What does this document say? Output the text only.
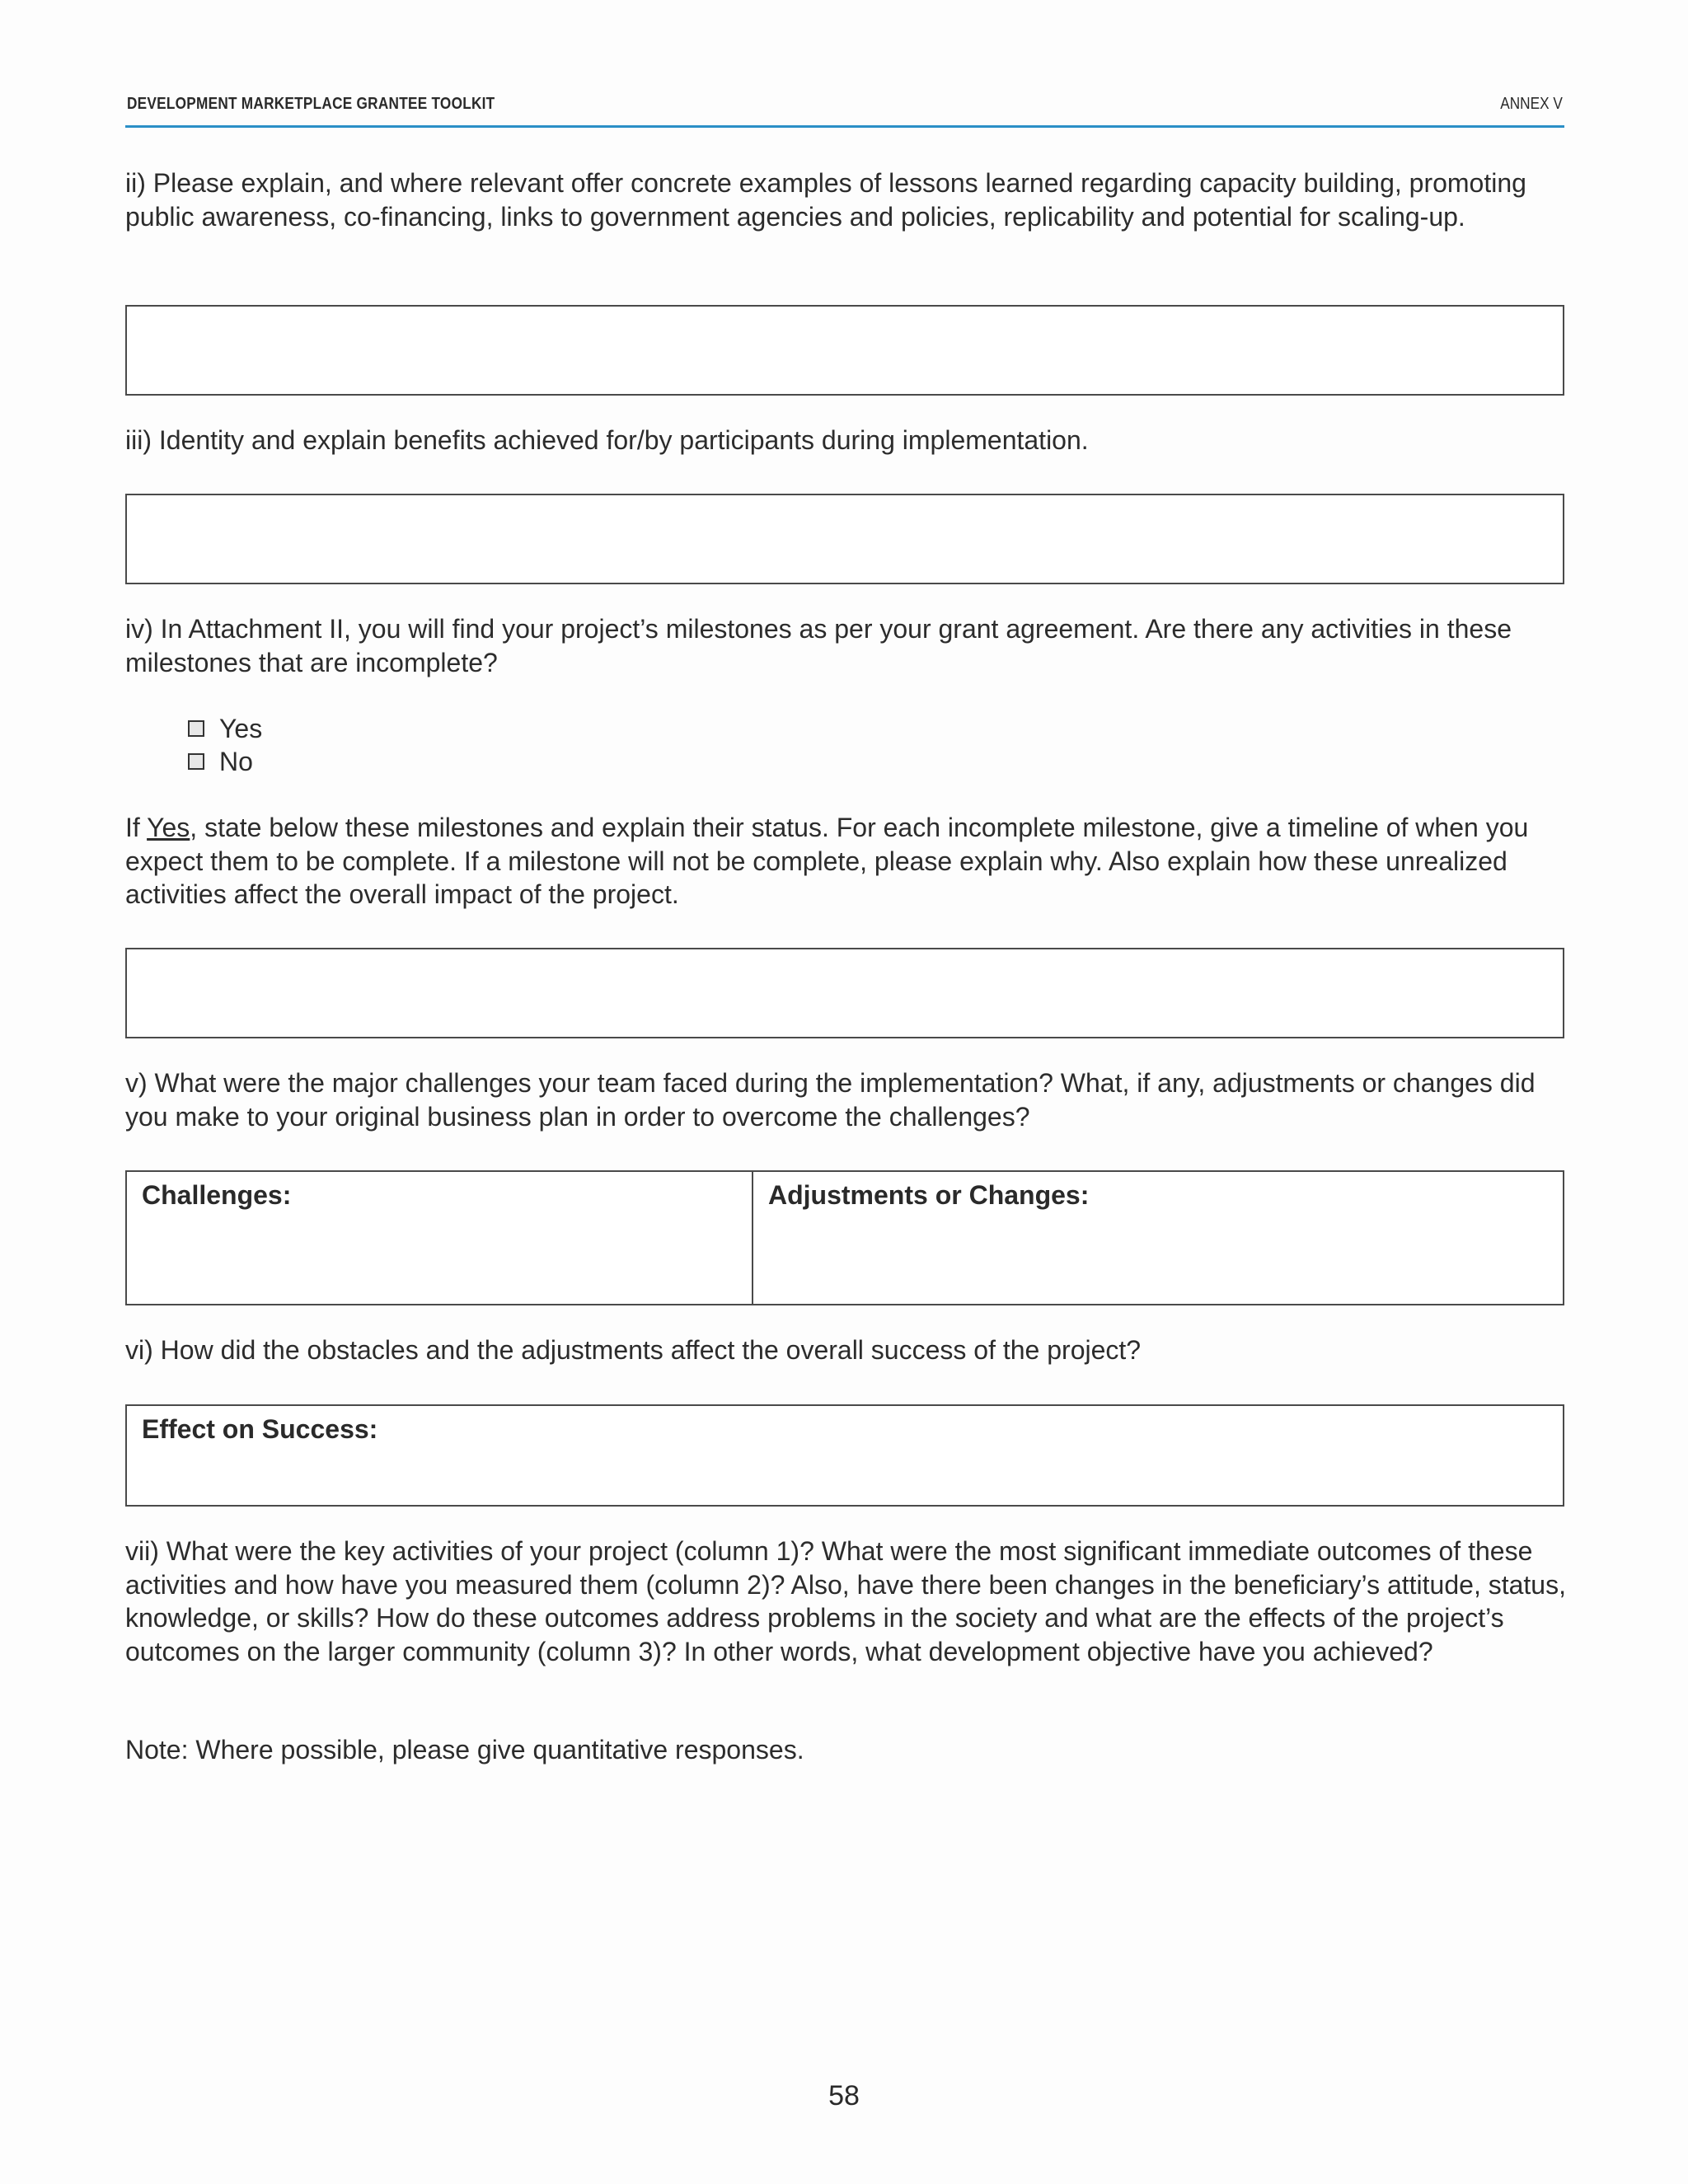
DEVELOPMENT MARKETPLACE GRANTEE TOOLKIT	ANNEX V

ii) Please explain, and where relevant offer concrete examples of lessons learned regarding capacity building, promoting public awareness, co-financing, links to government agencies and policies, replicability and potential for scaling-up.

iii) Identity and explain benefits achieved for/by participants during implementation.

iv) In Attachment II, you will find your project’s milestones as per your grant agreement. Are there any activities in these milestones that are incomplete?

Yes
No

If Yes, state below these milestones and explain their status. For each incomplete milestone, give a timeline of when you expect them to be complete. If a milestone will not be complete, please explain why. Also explain how these unrealized activities affect the overall impact of the project.

v) What were the major challenges your team faced during the implementation? What, if any, adjustments or changes did you make to your original business plan in order to overcome the challenges?

Challenges:	Adjustments or Changes:

vi) How did the obstacles and the adjustments affect the overall success of the project?

Effect on Success:

vii) What were the key activities of your project (column 1)? What were the most significant immediate outcomes of these activities and how have you measured them (column 2)? Also, have there been changes in the beneficiary’s attitude, status, knowledge, or skills? How do these outcomes address problems in the society and what are the effects of the project’s outcomes on the larger community (column 3)? In other words, what development objective have you achieved?

Note: Where possible, please give quantitative responses.

58
